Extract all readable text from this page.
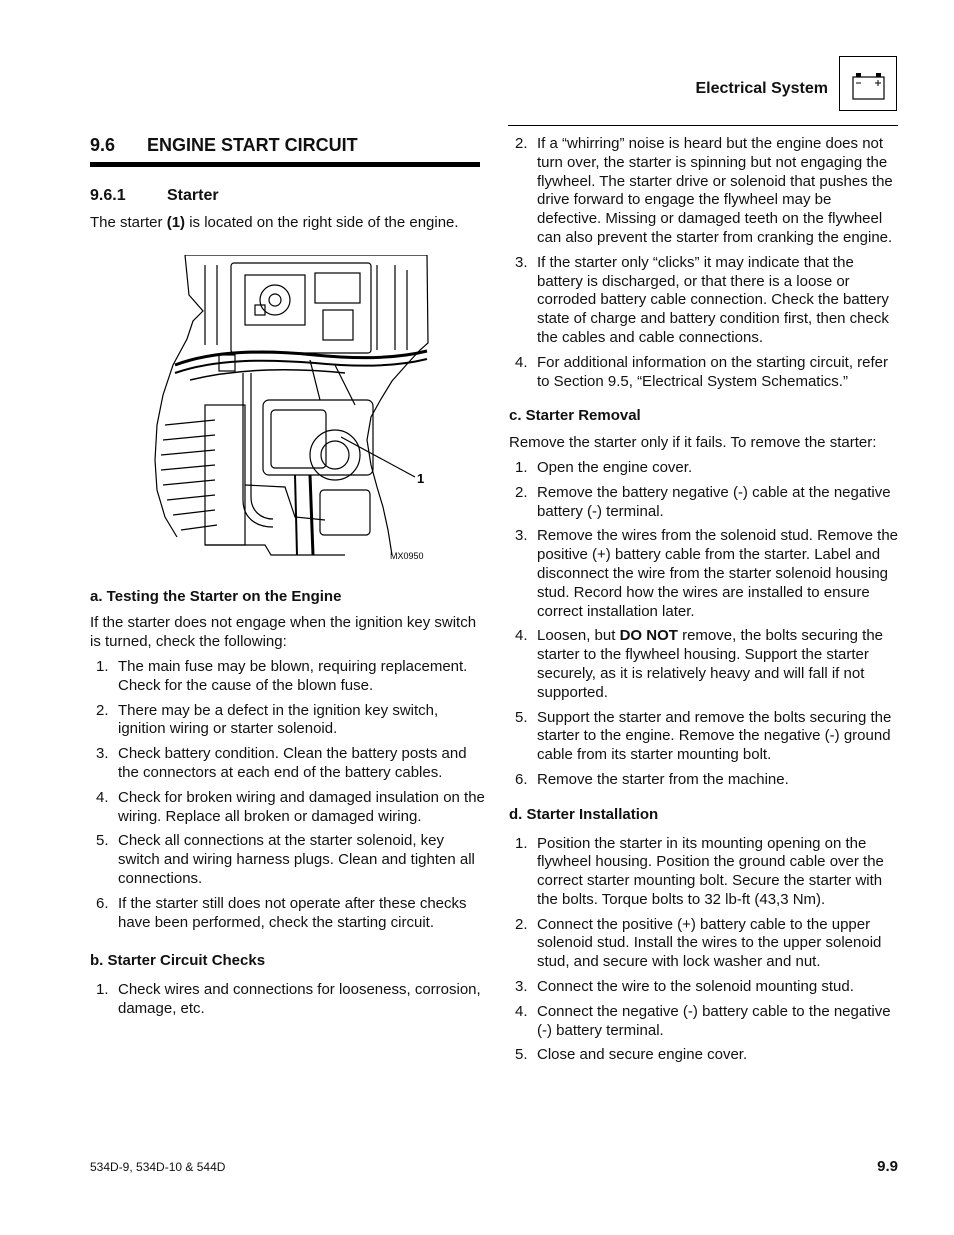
Electrical System
9.6	ENGINE START CIRCUIT
9.6.1	Starter

The starter (1) is located on the right side of the engine.

1
MX0950
a. Testing the Starter on the Engine

If the starter does not engage when the ignition key switch is turned, check the following:

1. The main fuse may be blown, requiring replacement. Check for the cause of the blown fuse.
2. There may be a defect in the ignition key switch, ignition wiring or starter solenoid.
3. Check battery condition. Clean the battery posts and the connectors at each end of the battery cables.
4. Check for broken wiring and damaged insulation on the wiring. Replace all broken or damaged wiring.
5. Check all connections at the starter solenoid, key switch and wiring harness plugs. Clean and tighten all connections.
6. If the starter still does not operate after these checks have been performed, check the starting circuit.
b. Starter Circuit Checks
1. Check wires and connections for looseness, corrosion, damage, etc.
2. If a “whirring” noise is heard but the engine does not turn over, the starter is spinning but not engaging the flywheel. The starter drive or solenoid that pushes the drive forward to engage the flywheel may be defective. Missing or damaged teeth on the flywheel can also prevent the starter from cranking the engine.
3. If the starter only “clicks” it may indicate that the battery is discharged, or that there is a loose or corroded battery cable connection. Check the battery state of charge and battery condition first, then check the cables and cable connections.
4. For additional information on the starting circuit, refer to Section 9.5, “Electrical System Schematics.”
c. Starter Removal

Remove the starter only if it fails. To remove the starter:

1. Open the engine cover.
2. Remove the battery negative (-) cable at the negative battery (-) terminal.
3. Remove the wires from the solenoid stud. Remove the positive (+) battery cable from the starter. Label and disconnect the wire from the starter solenoid housing stud. Record how the wires are installed to ensure correct installation later.
4. Loosen, but DO NOT remove, the bolts securing the starter to the flywheel housing. Support the starter securely, as it is relatively heavy and will fall if not supported.
5. Support the starter and remove the bolts securing the starter to the engine. Remove the negative (-) ground cable from its starter mounting bolt.
6. Remove the starter from the machine.
d. Starter Installation
1. Position the starter in its mounting opening on the flywheel housing. Position the ground cable over the correct starter mounting bolt. Secure the starter with the bolts. Torque bolts to 32 lb-ft (43,3 Nm).
2. Connect the positive (+) battery cable to the upper solenoid stud. Install the wires to the upper solenoid stud, and secure with lock washer and nut.
3. Connect the wire to the solenoid mounting stud.
4. Connect the negative (-) battery cable to the negative (-) battery terminal.
5. Close and secure engine cover.
534D-9, 534D-10 & 544D	9.9
